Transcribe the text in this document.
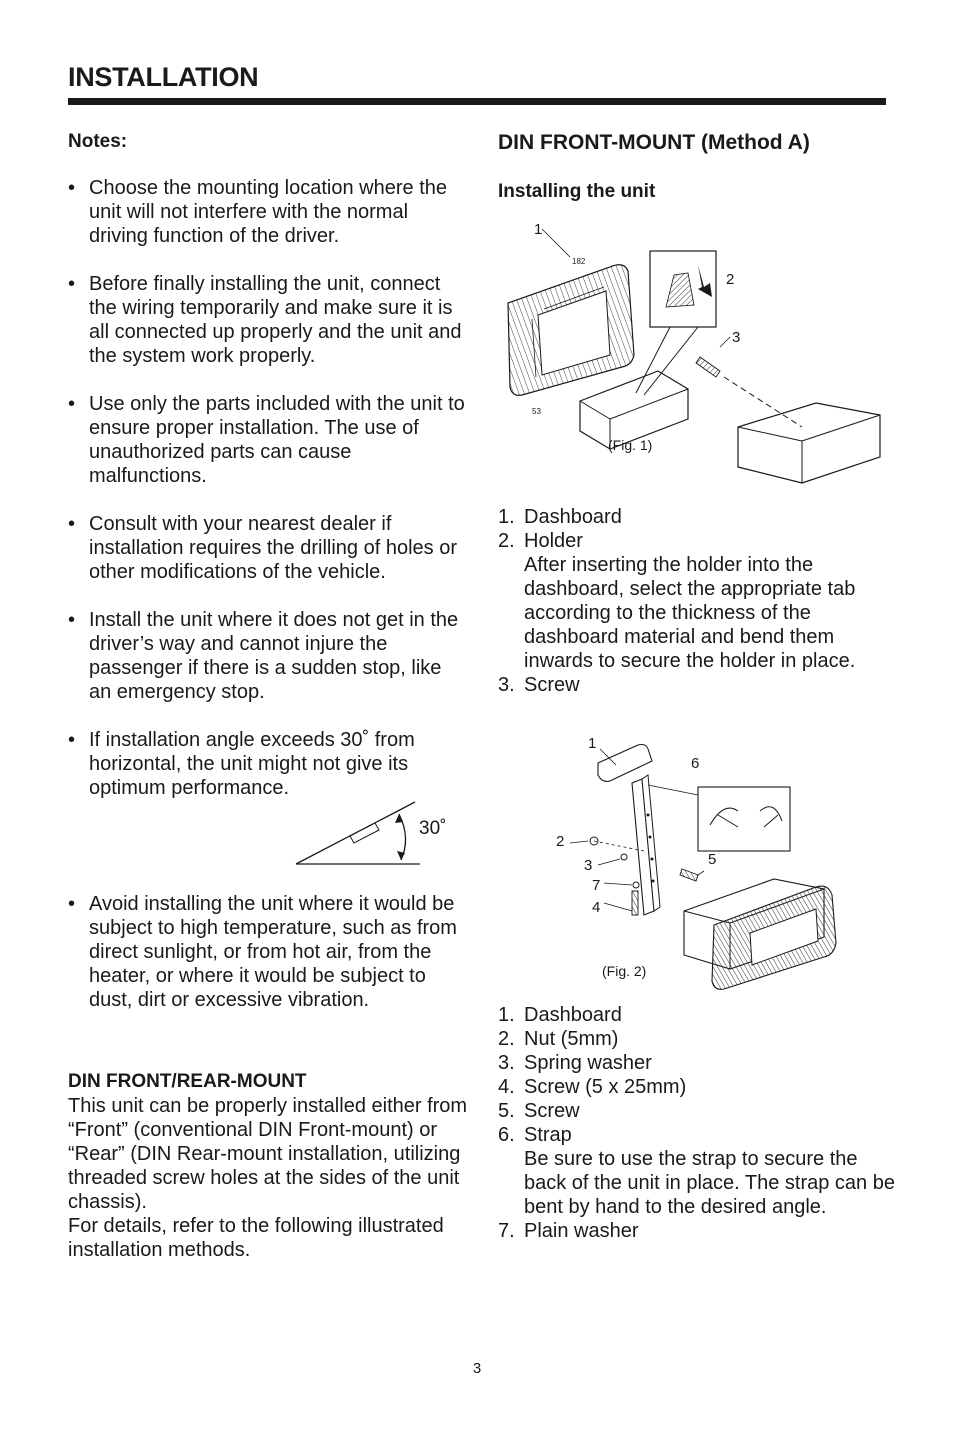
INSTALLATION
Notes:
• Choose the mounting location where the unit will not interfere with the normal driving function of the driver.
• Before finally installing the unit, connect the wiring temporarily and make sure it is all connected up properly and the unit and the system work properly.
• Use only the parts included with the unit to ensure proper installation. The use of unauthorized parts can cause malfunctions.
• Consult with your nearest dealer if installation requires the drilling of holes or other modifications of the vehicle.
• Install the unit where it does not get in the driver’s way and cannot injure the passenger if there is a sudden stop, like an emergency stop.
• If installation angle exceeds 30˚ from horizontal, the unit might not give its optimum performance.
30˚
• Avoid installing the unit where it would be subject to high temperature, such as from direct sunlight, or from hot air, from the heater, or where it would be subject to dust, dirt or excessive vibration.
DIN FRONT/REAR-MOUNT
This unit can be properly installed either from “Front” (conventional DIN Front-mount) or “Rear” (DIN Rear-mount installation, utilizing threaded screw holes at the sides of the unit chassis).
For details, refer to the following illustrated installation methods.
DIN FRONT-MOUNT (Method A)
Installing the unit
1
2
3
182
53
(Fig. 1)
1. Dashboard
2. Holder
After inserting the holder into the dashboard, select the appropriate tab according to the thickness of the dashboard material and bend them inwards to secure the holder in place.
3. Screw
1
6
2
3
7
4
5
(Fig. 2)
1. Dashboard
2. Nut (5mm)
3. Spring washer
4. Screw (5 x 25mm)
5. Screw
6. Strap
Be sure to use the strap to secure the back of the unit in place. The strap can be bent by hand to the desired angle.
7. Plain washer
3
